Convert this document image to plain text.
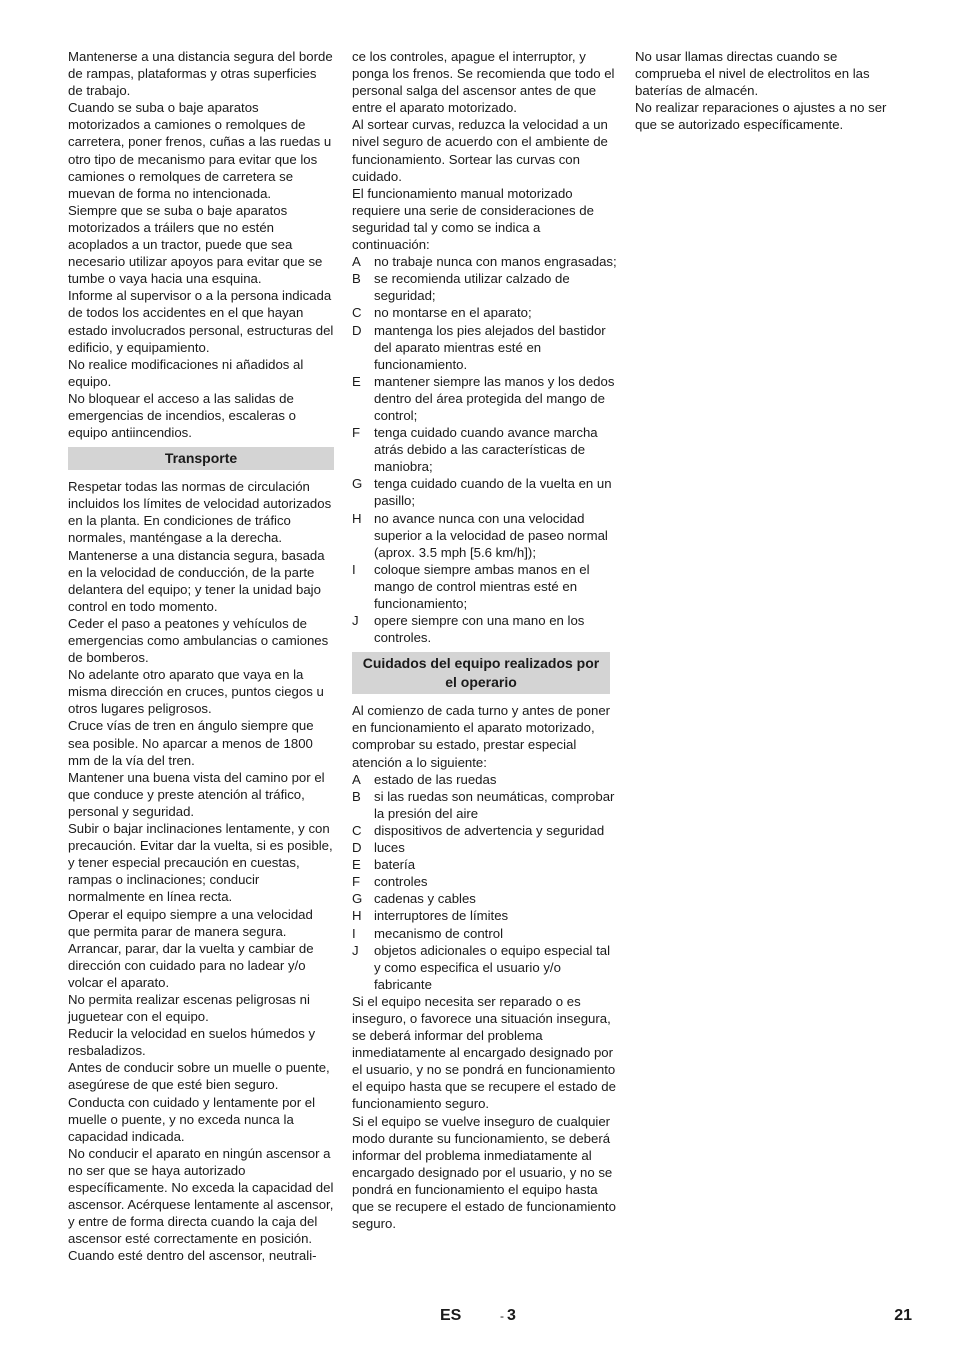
Mantenerse a una distancia segura del borde de rampas, plataformas y otras superficies de trabajo.

Cuando se suba o baje aparatos motorizados a camiones o remolques de carretera, poner frenos, cuñas a las ruedas u otro tipo de mecanismo para evitar que los camiones o remolques de carretera se muevan de forma no intencionada.

Siempre que se suba o baje aparatos motorizados a tráilers que no estén acoplados a un tractor, puede que sea necesario utilizar apoyos para evitar que se tumbe o vaya hacia una esquina.

Informe al supervisor o a la persona indicada de todos los accidentes en el que hayan estado involucrados personal, estructuras del edificio, y equipamiento.

No realice modificaciones ni añadidos al equipo.

No bloquear el acceso a las salidas de emergencias de incendios, escaleras o equipo antiincendios.

Transporte

Respetar todas las normas de circulación incluidos los límites de velocidad autorizados en la planta. En condiciones de tráfico normales, manténgase a la derecha. Mantenerse a una distancia segura, basada en la velocidad de conducción, de la parte delantera del equipo; y tener la unidad bajo control en todo momento.

Ceder el paso a peatones y vehículos de emergencias como ambulancias o camiones de bomberos.

No adelante otro aparato que vaya en la misma dirección en cruces, puntos ciegos u otros lugares peligrosos.

Cruce vías de tren en ángulo siempre que sea posible. No aparcar a menos de 1800 mm de la vía del tren.

Mantener una buena vista del camino por el que conduce y preste atención al tráfico, personal y seguridad.

Subir o bajar inclinaciones lentamente, y con precaución. Evitar dar la vuelta, si es posible, y tener especial precaución en cuestas, rampas o inclinaciones; conducir normalmente en línea recta.

Operar el equipo siempre a una velocidad que permita parar de manera segura.

Arrancar, parar, dar la vuelta y cambiar de dirección con cuidado para no ladear y/o volcar el aparato.

No permita realizar escenas peligrosas ni juguetear con el equipo.

Reducir la velocidad en suelos húmedos y resbaladizos.

Antes de conducir sobre un muelle o puente, asegúrese de que esté bien seguro.

Conducta con cuidado y lentamente por el muelle o puente, y no exceda nunca la capacidad indicada.

No conducir el aparato en ningún ascensor a no ser que se haya autorizado específicamente. No exceda la capacidad del ascensor. Acérquese lentamente al ascensor, y entre de forma directa cuando la caja del ascensor esté correctamente en posición.

Cuando esté dentro del ascensor, neutrali-

ce los controles, apague el interruptor, y ponga los frenos. Se recomienda que todo el personal salga del ascensor antes de que entre el aparato motorizado.

Al sortear curvas, reduzca la velocidad a un nivel seguro de acuerdo con el ambiente de funcionamiento. Sortear las curvas con cuidado.

El funcionamiento manual motorizado requiere una serie de consideraciones de seguridad tal y como se indica a continuación:

A	no trabaje nunca con manos engrasadas;
B	se recomienda utilizar calzado de seguridad;
C no montarse en el aparato;
D mantenga los pies alejados del bastidor del aparato mientras esté en funcionamiento.
E	mantener siempre las manos y los dedos dentro del área protegida del mango de control;
F	tenga cuidado cuando avance marcha atrás debido a las características de maniobra;
G tenga cuidado cuando de la vuelta en un pasillo;
H no avance nunca con una velocidad superior a la velocidad de paseo normal (aprox. 3.5 mph [5.6 km/h]);
I	coloque siempre ambas manos en el mango de control mientras esté en funcionamiento;
J	opere siempre con una mano en los controles.
Cuidados del equipo realizados por el operario

Al comienzo de cada turno y antes de poner en funcionamiento el aparato motorizado, comprobar su estado, prestar especial atención a lo siguiente:

A	estado de las ruedas
B	si las ruedas son neumáticas, comprobar la presión del aire
C dispositivos de advertencia y seguridad
D luces
E	batería
F	controles
G cadenas y cables
H interruptores de límites
I	mecanismo de control
J	objetos adicionales o equipo especial tal y como especifica el usuario y/o fabricante

Si el equipo necesita ser reparado o es inseguro, o favorece una situación insegura, se deberá informar del problema inmediatamente al encargado designado por el usuario, y no se pondrá en funcionamiento el equipo hasta que se recupere el estado de funcionamiento seguro.

Si el equipo se vuelve inseguro de cualquier modo durante su funcionamiento, se deberá informar del problema inmediatamente al encargado designado por el usuario, y no se pondrá en funcionamiento el equipo hasta que se recupere el estado de funcionamiento seguro.

No usar llamas directas cuando se comprueba el nivel de electrolitos en las baterías de almacén.

No realizar reparaciones o ajustes a no ser que se autorizado específicamente.

ES	- 3	21
